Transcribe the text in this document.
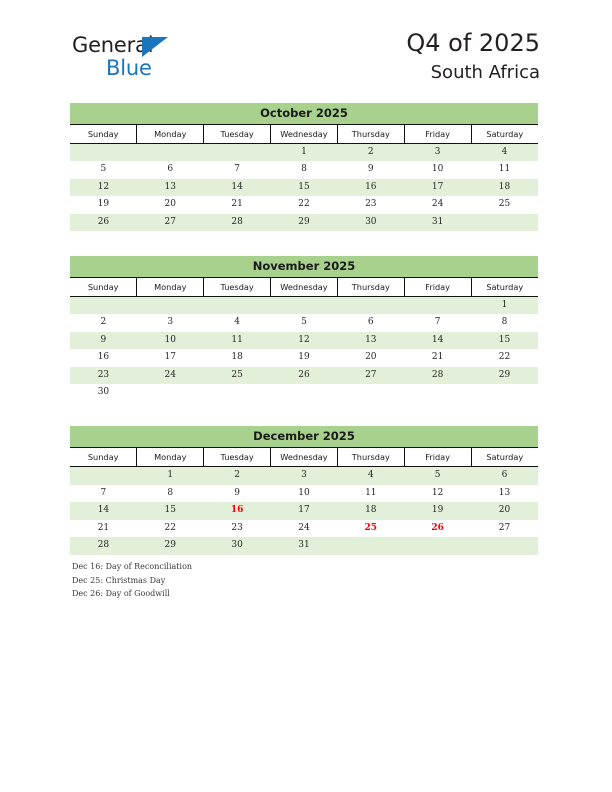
General
Blue
Q4 of 2025
South Africa
October 2025						
Sunday	Monday	Tuesday	Wednesday	Thursday	Friday	Saturday
			1	2	3	4
5	6	7	8	9	10	11
12	13	14	15	16	17	18
19	20	21	22	23	24	25
26	27	28	29	30	31	
November 2025						
Sunday	Monday	Tuesday	Wednesday	Thursday	Friday	Saturday
						1
2	3	4	5	6	7	8
9	10	11	12	13	14	15
16	17	18	19	20	21	22
23	24	25	26	27	28	29
30						
December 2025						
Sunday	Monday	Tuesday	Wednesday	Thursday	Friday	Saturday
	1	2	3	4	5	6
7	8	9	10	11	12	13
14	15	16	17	18	19	20
21	22	23	24	25	26	27
28	29	30	31			
Dec 16: Day of Reconciliation
Dec 25: Christmas Day
Dec 26: Day of Goodwill
